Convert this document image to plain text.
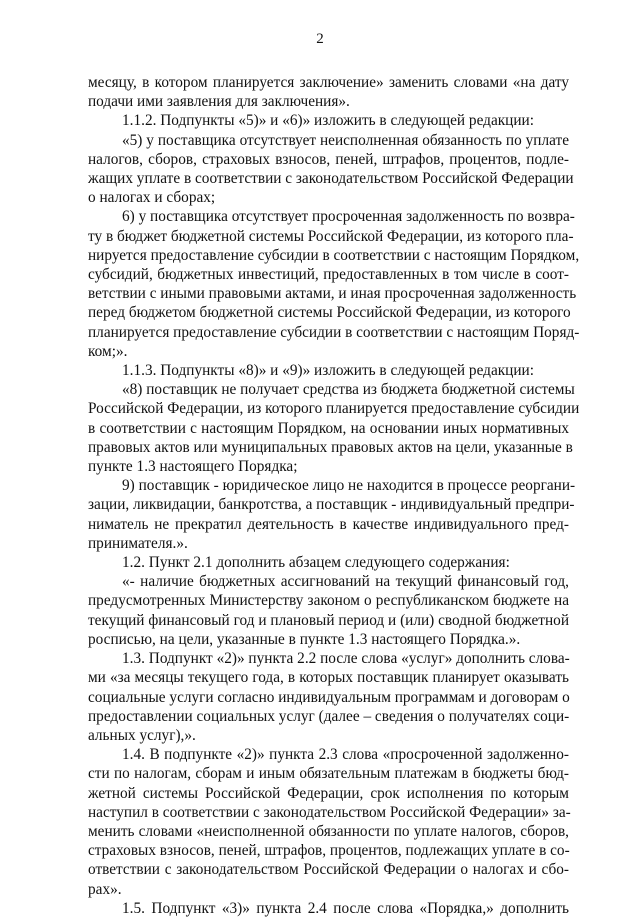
2

месяцу, в котором планируется заключение» заменить словами «на дату

подачи ими заявления для заключения».

1.1.2. Подпункты «5)» и «6)» изложить в следующей редакции:

«5) у поставщика отсутствует неисполненная обязанность по уплате

налогов, сборов, страховых взносов, пеней, штрафов, процентов, подле-

жащих уплате в соответствии с законодательством Российской Федерации

о налогах и сборах;

6) у поставщика отсутствует просроченная задолженность по возвра-

ту в бюджет бюджетной системы Российской Федерации, из которого пла-

нируется предоставление субсидии в соответствии с настоящим Порядком,

субсидий, бюджетных инвестиций, предоставленных в том числе в соот-

ветствии с иными правовыми актами, и иная просроченная задолженность

перед бюджетом бюджетной системы Российской Федерации, из которого

планируется предоставление субсидии в соответствии с настоящим Поряд-

ком;».

1.1.3. Подпункты «8)» и «9)» изложить в следующей редакции:

«8) поставщик не получает средства из бюджета бюджетной системы

Российской Федерации, из которого планируется предоставление субсидии

в соответствии с настоящим Порядком, на основании иных нормативных

правовых актов или муниципальных правовых актов на цели, указанные в

пункте 1.3 настоящего Порядка;

9) поставщик - юридическое лицо не находится в процессе реоргани-

зации, ликвидации, банкротства, а поставщик - индивидуальный предпри-

ниматель не прекратил деятельность в качестве индивидуального пред-

принимателя.».

1.2. Пункт 2.1 дополнить абзацем следующего содержания:

«- наличие бюджетных ассигнований на текущий финансовый год,

предусмотренных Министерству законом о республиканском бюджете на

текущий финансовый год и плановый период и (или) сводной бюджетной

росписью, на цели, указанные в пункте 1.3 настоящего Порядка.».

1.3. Подпункт «2)» пункта 2.2 после слова «услуг» дополнить слова-

ми «за месяцы текущего года, в которых поставщик планирует оказывать

социальные услуги согласно индивидуальным программам и договорам о

предоставлении социальных услуг (далее – сведения о получателях соци-

альных услуг),».

1.4. В подпункте «2)» пункта 2.3 слова «просроченной задолженно-

сти по налогам, сборам и иным обязательным платежам в бюджеты бюд-

жетной системы Российской Федерации, срок исполнения по которым

наступил в соответствии с законодательством Российской Федерации» за-

менить словами «неисполненной обязанности по уплате налогов, сборов,

страховых взносов, пеней, штрафов, процентов, подлежащих уплате в со-

ответствии с законодательством Российской Федерации о налогах и сбо-

рах».

1.5. Подпункт «3)» пункта 2.4 после слова «Порядка,» дополнить
